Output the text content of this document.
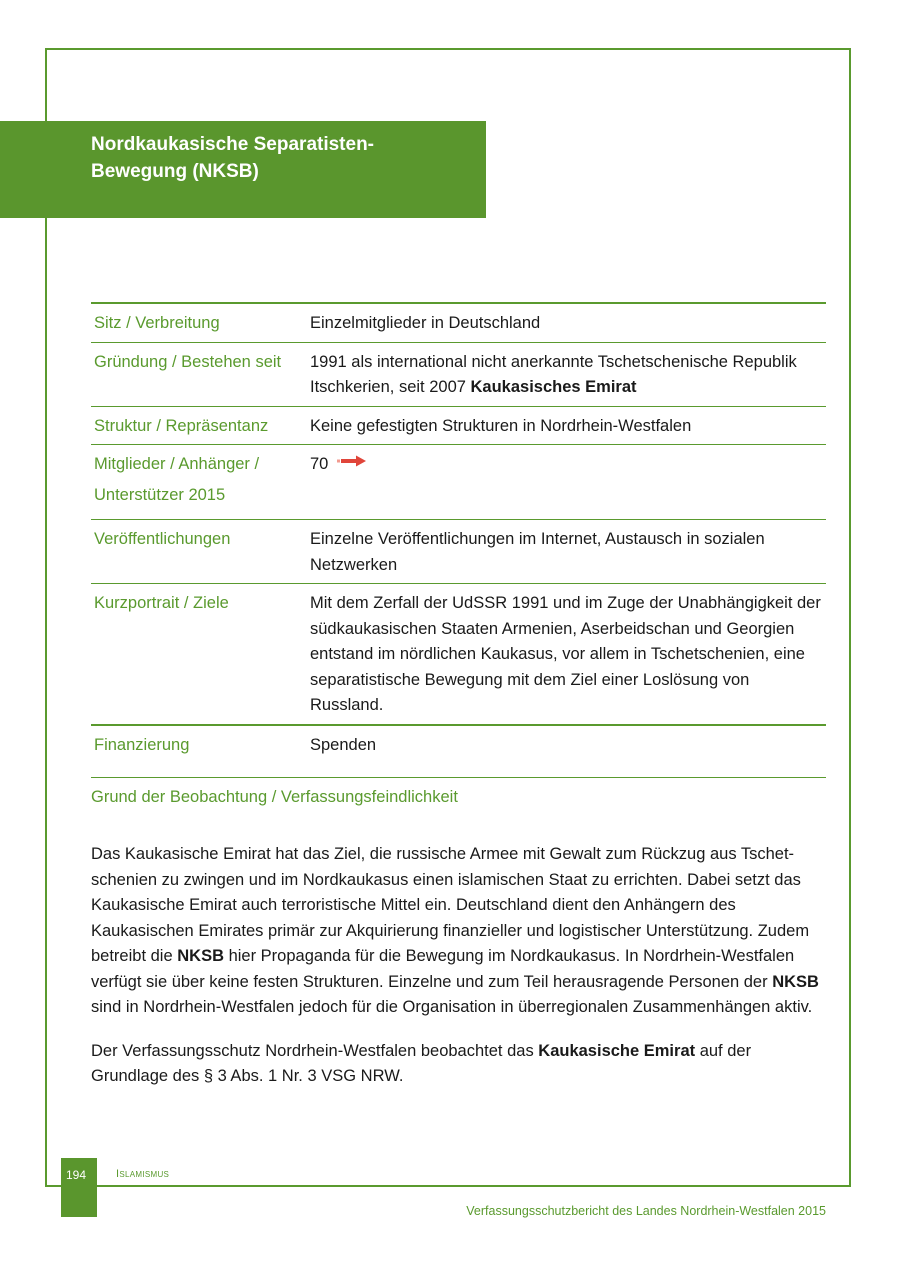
Nordkaukasische Separatisten-
Bewegung (NKSB)
Sitz / Verbreitung	Einzelmitglieder in Deutschland
Gründung / Bestehen seit	1991 als international nicht anerkannte Tschetschenische Republik Itschkerien, seit 2007 Kaukasisches Emirat
Struktur / Repräsentanz	Keine gefestigten Strukturen in Nordrhein-Westfalen

Mitglieder / Anhänger /
Unterstützer 2015	70
Veröffentlichungen	Einzelne Veröffentlichungen im Internet, Austausch in sozialen Netzwerken
Kurzportrait / Ziele	Mit dem Zerfall der UdSSR 1991 und im Zuge der Unabhängigkeit der südkaukasischen Staaten Armenien, Aserbeidschan und Georgien entstand im nördlichen Kaukasus, vor allem in Tschetschenien, eine separatistische Bewegung mit dem Ziel einer Loslösung von Russland.
Finanzierung	Spenden
Grund der Beobachtung / Verfassungsfeindlichkeit

Das Kaukasische Emirat hat das Ziel, die russische Armee mit Gewalt zum Rückzug aus Tschet-schenien zu zwingen und im Nordkaukasus einen islamischen Staat zu errichten. Dabei setzt das Kaukasische Emirat auch terroristische Mittel ein. Deutschland dient den Anhängern des Kaukasischen Emirates primär zur Akquirierung finanzieller und logistischer Unterstützung. Zudem betreibt die NKSB hier Propaganda für die Bewegung im Nordkaukasus. In Nordrhein-Westfalen verfügt sie über keine festen Strukturen. Einzelne und zum Teil herausragende Personen der NKSB sind in Nordrhein-Westfalen jedoch für die Organisation in überregionalen Zusammenhängen aktiv.

Der Verfassungsschutz Nordrhein-Westfalen beobachtet das Kaukasische Emirat auf der Grundlage des § 3 Abs. 1 Nr. 3 VSG NRW.

194	Islamismus
Verfassungsschutzbericht des Landes Nordrhein-Westfalen 2015
